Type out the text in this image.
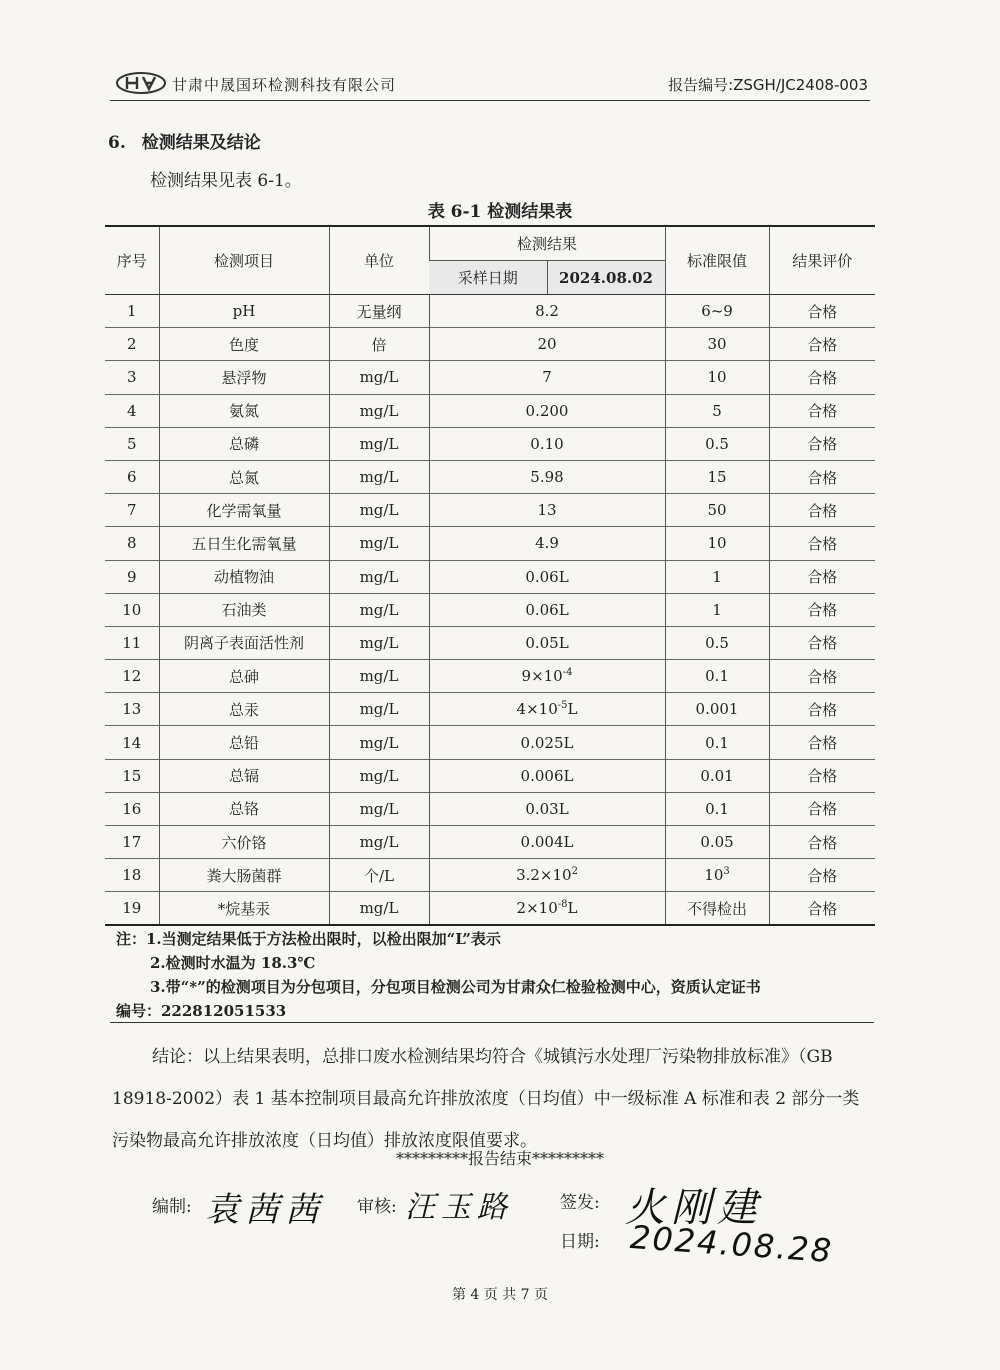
甘肃中晟国环检测科技有限公司	报告编号:ZSGH/JC2408-003
6. 检测结果及结论
检测结果见表 6-1。
表 6-1 检测结果表
序号	检测项目	单位	检测结果		标准限值	结果评价
			采样日期	2024.08.02		
1	pH	无量纲	8.2		6~9	合格
2	色度	倍	20		30	合格
3	悬浮物	mg/L	7		10	合格
4	氨氮	mg/L	0.200		5	合格
5	总磷	mg/L	0.10		0.5	合格
6	总氮	mg/L	5.98		15	合格
7	化学需氧量	mg/L	13		50	合格
8	五日生化需氧量	mg/L	4.9		10	合格
9	动植物油	mg/L	0.06L		1	合格
10	石油类	mg/L	0.06L		1	合格
11	阴离子表面活性剂	mg/L	0.05L		0.5	合格
12	总砷	mg/L	$9\times 10^{-4}$		0.1	合格
13	总汞	mg/L	$4\times 10^{-5}L$		0.001	合格
14	总铅	mg/L	0.025L		0.1	合格
15	总镉	mg/L	0.006L		0.01	合格
16	总铬	mg/L	0.03L		0.1	合格
17	六价铬	mg/L	0.004L		0.05	合格
18	粪大肠菌群	个/L	$3.2\times 10^2$		$10^3$	合格
19	*烷基汞	mg/L	$2\times 10^{-8}L$		不得检出	合格

注：1.当测定结果低于方法检出限时，以检出限加“L”表示

2.检测时水温为 18.3℃

3.带“*”的检测项目为分包项目，分包项目检测公司为甘肃众仁检验检测中心，资质认定证书

编号：222812051533

结论：以上结果表明，总排口废水检测结果均符合《城镇污水处理厂污染物排放标准》（GB 18918-2002）表 1 基本控制项目最高允许排放浓度（日均值）中一级标准 A 标准和表 2 部分一类污染物最高允许排放浓度（日均值）排放浓度限值要求。
*********报告结束*********
编制: 袁茜茜 审核: 汪玉路	签发: 火刚建
日期: 2024.08.28
第 4 页 共 7 页
